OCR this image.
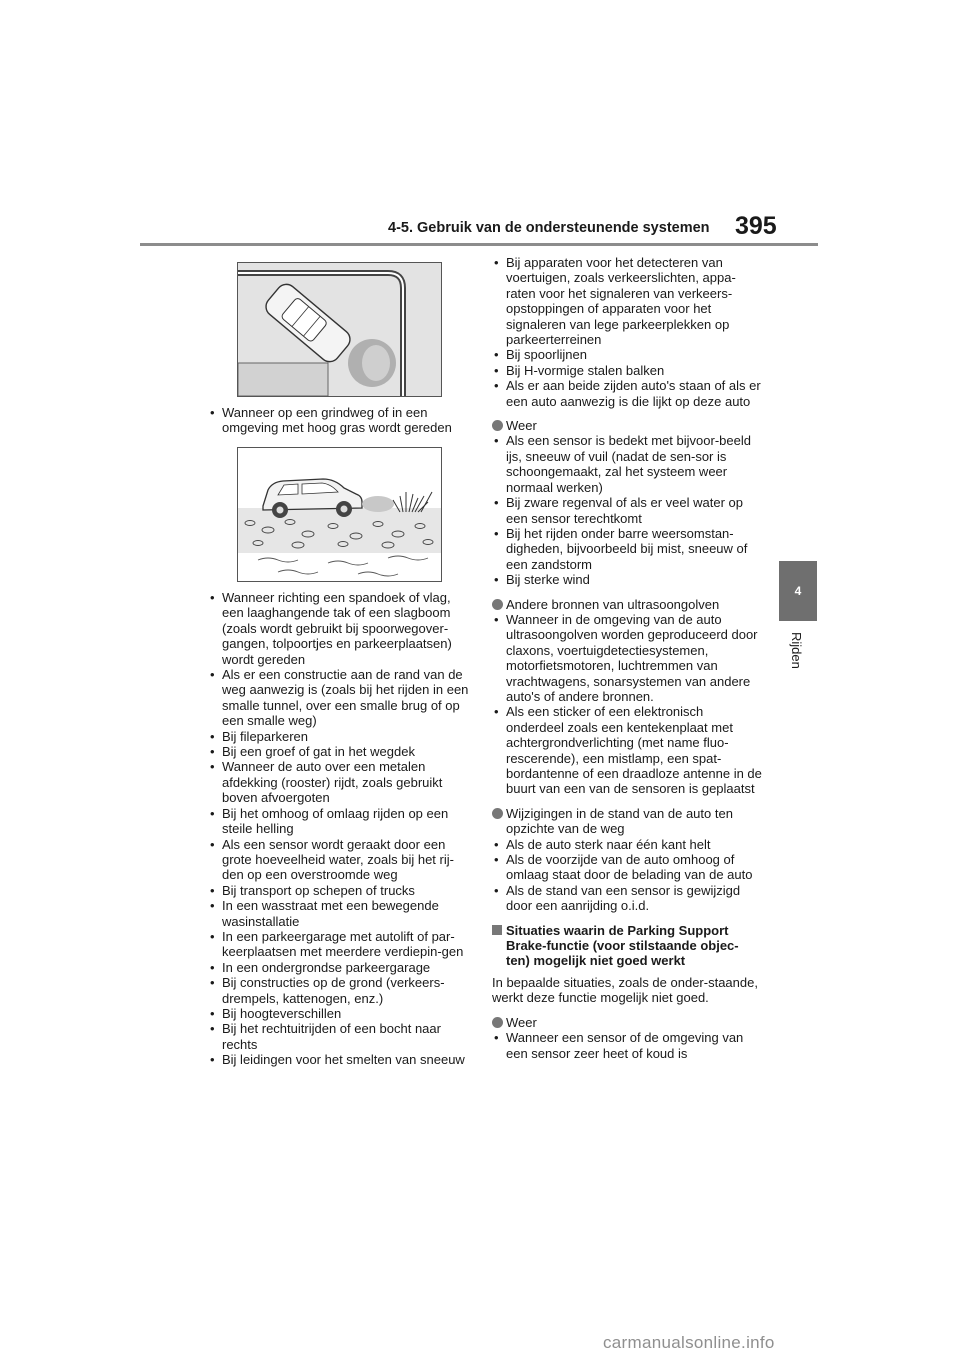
4-5. Gebruik van de ondersteunende systemen 395
4
Rijden
• Wanneer op een grindweg of in een omgeving met hoog gras wordt gereden
• Wanneer richting een spandoek of vlag, een laaghangende tak of een slagboom (zoals wordt gebruikt bij spoorwegover-gangen, tolpoortjes en parkeerplaatsen) wordt gereden
• Als er een constructie aan de rand van de weg aanwezig is (zoals bij het rijden in een smalle tunnel, over een smalle brug of op een smalle weg)
• Bij fileparkeren
• Bij een groef of gat in het wegdek
• Wanneer de auto over een metalen afdekking (rooster) rijdt, zoals gebruikt boven afvoergoten
• Bij het omhoog of omlaag rijden op een steile helling
• Als een sensor wordt geraakt door een grote hoeveelheid water, zoals bij het rij-den op een overstroomde weg
• Bij transport op schepen of trucks
• In een wasstraat met een bewegende wasinstallatie
• In een parkeergarage met autolift of par-keerplaatsen met meerdere verdiepin-gen
• In een ondergrondse parkeergarage
• Bij constructies op de grond (verkeers-drempels, kattenogen, enz.)
• Bij hoogteverschillen
• Bij het rechtuitrijden of een bocht naar rechts
• Bij leidingen voor het smelten van sneeuw
• Bij apparaten voor het detecteren van voertuigen, zoals verkeerslichten, appa-raten voor het signaleren van verkeers-opstoppingen of apparaten voor het signaleren van lege parkeerplekken op parkeerterreinen
• Bij spoorlijnen
• Bij H-vormige stalen balken
• Als er aan beide zijden auto's staan of als er een auto aanwezig is die lijkt op deze auto
Weer
• Als een sensor is bedekt met bijvoor-beeld ijs, sneeuw of vuil (nadat de sen-sor is schoongemaakt, zal het systeem weer normaal werken)
• Bij zware regenval of als er veel water op een sensor terechtkomt
• Bij het rijden onder barre weersomstan-digheden, bijvoorbeeld bij mist, sneeuw of een zandstorm
• Bij sterke wind
Andere bronnen van ultrasoongolven
• Wanneer in de omgeving van de auto ultrasoongolven worden geproduceerd door claxons, voertuigdetectiesystemen, motorfietsmotoren, luchtremmen van vrachtwagens, sonarsystemen van andere auto's of andere bronnen.
• Als een sticker of een elektronisch onderdeel zoals een kentekenplaat met achtergrondverlichting (met name fluo-rescerende), een mistlamp, een spat-bordantenne of een draadloze antenne in de buurt van een van de sensoren is geplaatst
Wijzigingen in de stand van de auto ten opzichte van de weg
• Als de auto sterk naar één kant helt
• Als de voorzijde van de auto omhoog of omlaag staat door de belading van de auto
• Als de stand van een sensor is gewijzigd door een aanrijding o.i.d.
Situaties waarin de Parking Support Brake-functie (voor stilstaande objec-ten) mogelijk niet goed werkt
In bepaalde situaties, zoals de onder-staande, werkt deze functie mogelijk niet goed.
Weer
• Wanneer een sensor of de omgeving van een sensor zeer heet of koud is
carmanualsonline.info
